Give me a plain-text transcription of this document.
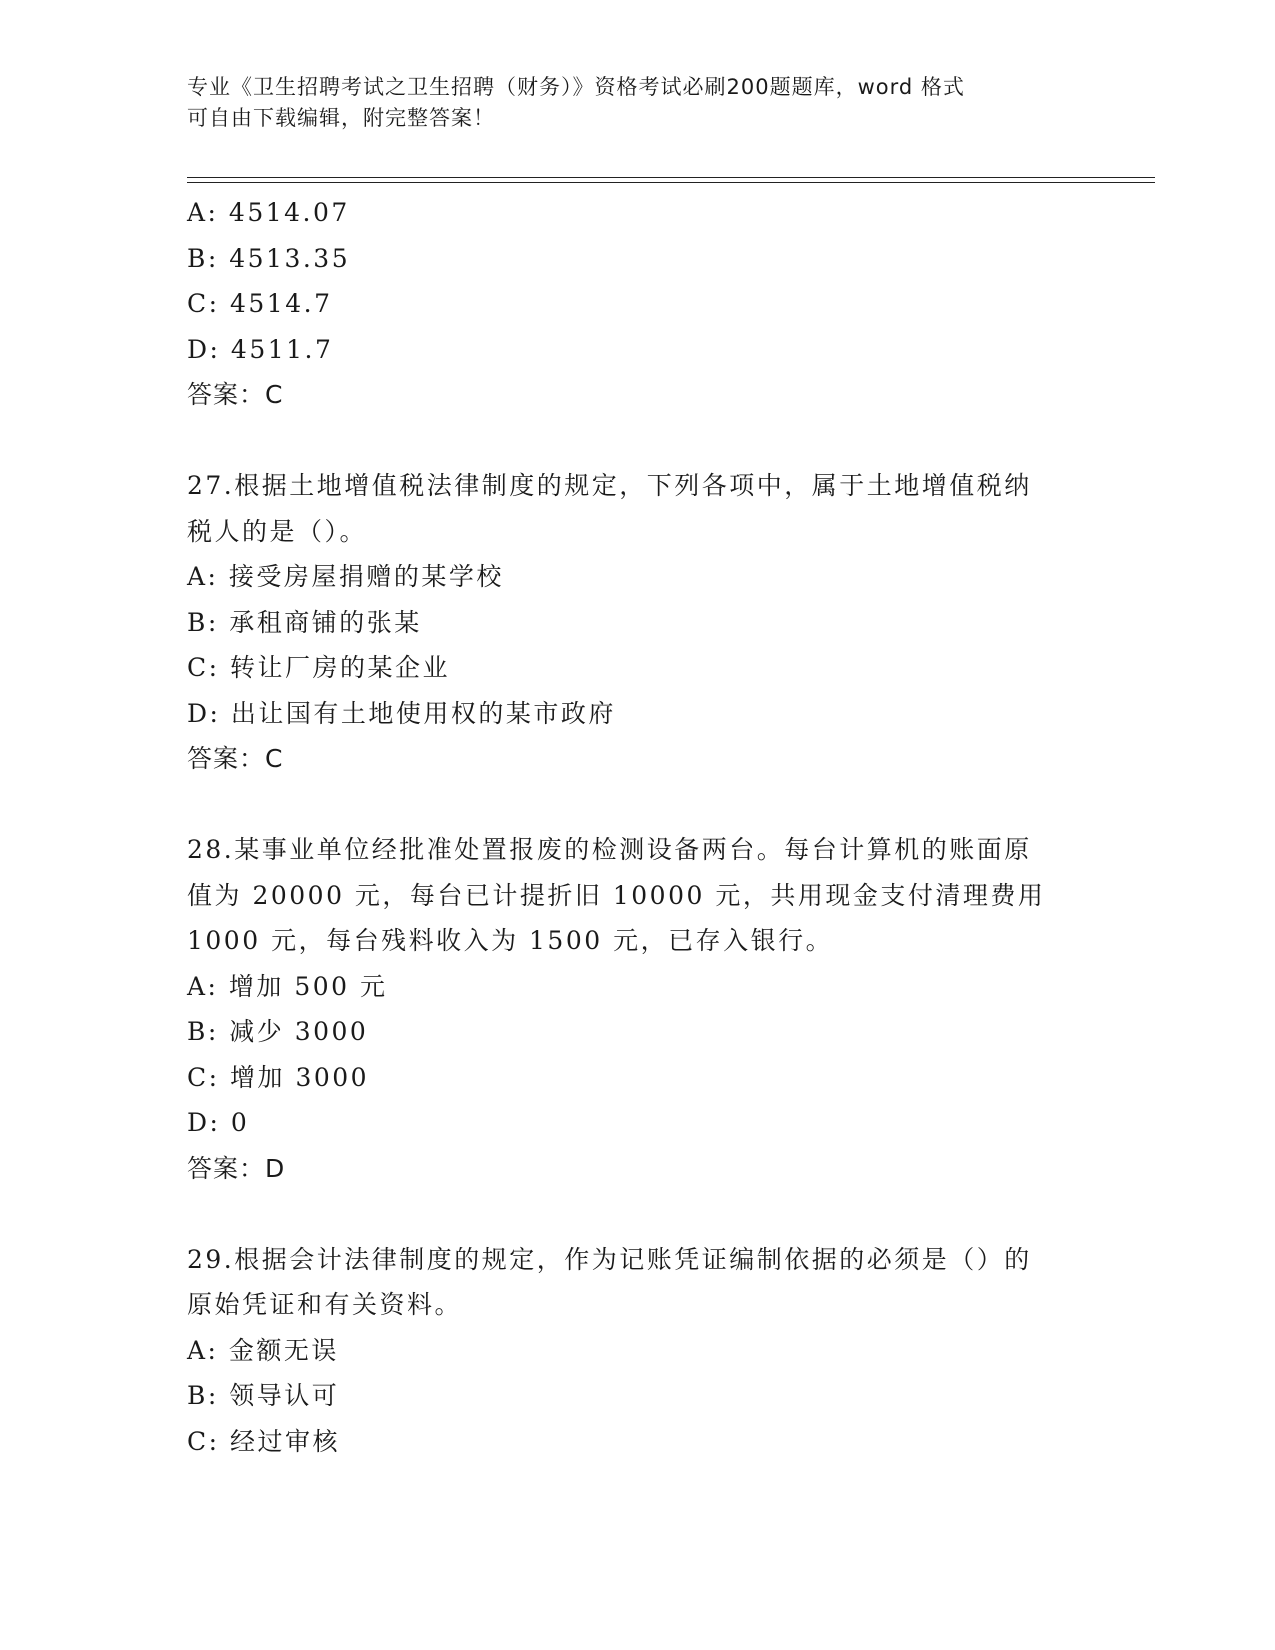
专业《卫生招聘考试之卫生招聘（财务）》资格考试必刷200题题库，word 格式
可自由下载编辑，附完整答案！
A: 4514.07
B: 4513.35
C: 4514.7
D: 4511.7
答案：C
27.根据土地增值税法律制度的规定，下列各项中，属于土地增值税纳
税人的是（）。
A: 接受房屋捐赠的某学校
B: 承租商铺的张某
C: 转让厂房的某企业
D: 出让国有土地使用权的某市政府
答案：C
28.某事业单位经批准处置报废的检测设备两台。每台计算机的账面原
值为 20000 元，每台已计提折旧 10000 元，共用现金支付清理费用
1000 元，每台残料收入为 1500 元，已存入银行。
A: 增加 500 元
B: 减少 3000
C: 增加 3000
D: 0
答案：D
29.根据会计法律制度的规定，作为记账凭证编制依据的必须是（）的
原始凭证和有关资料。
A: 金额无误
B: 领导认可
C: 经过审核
